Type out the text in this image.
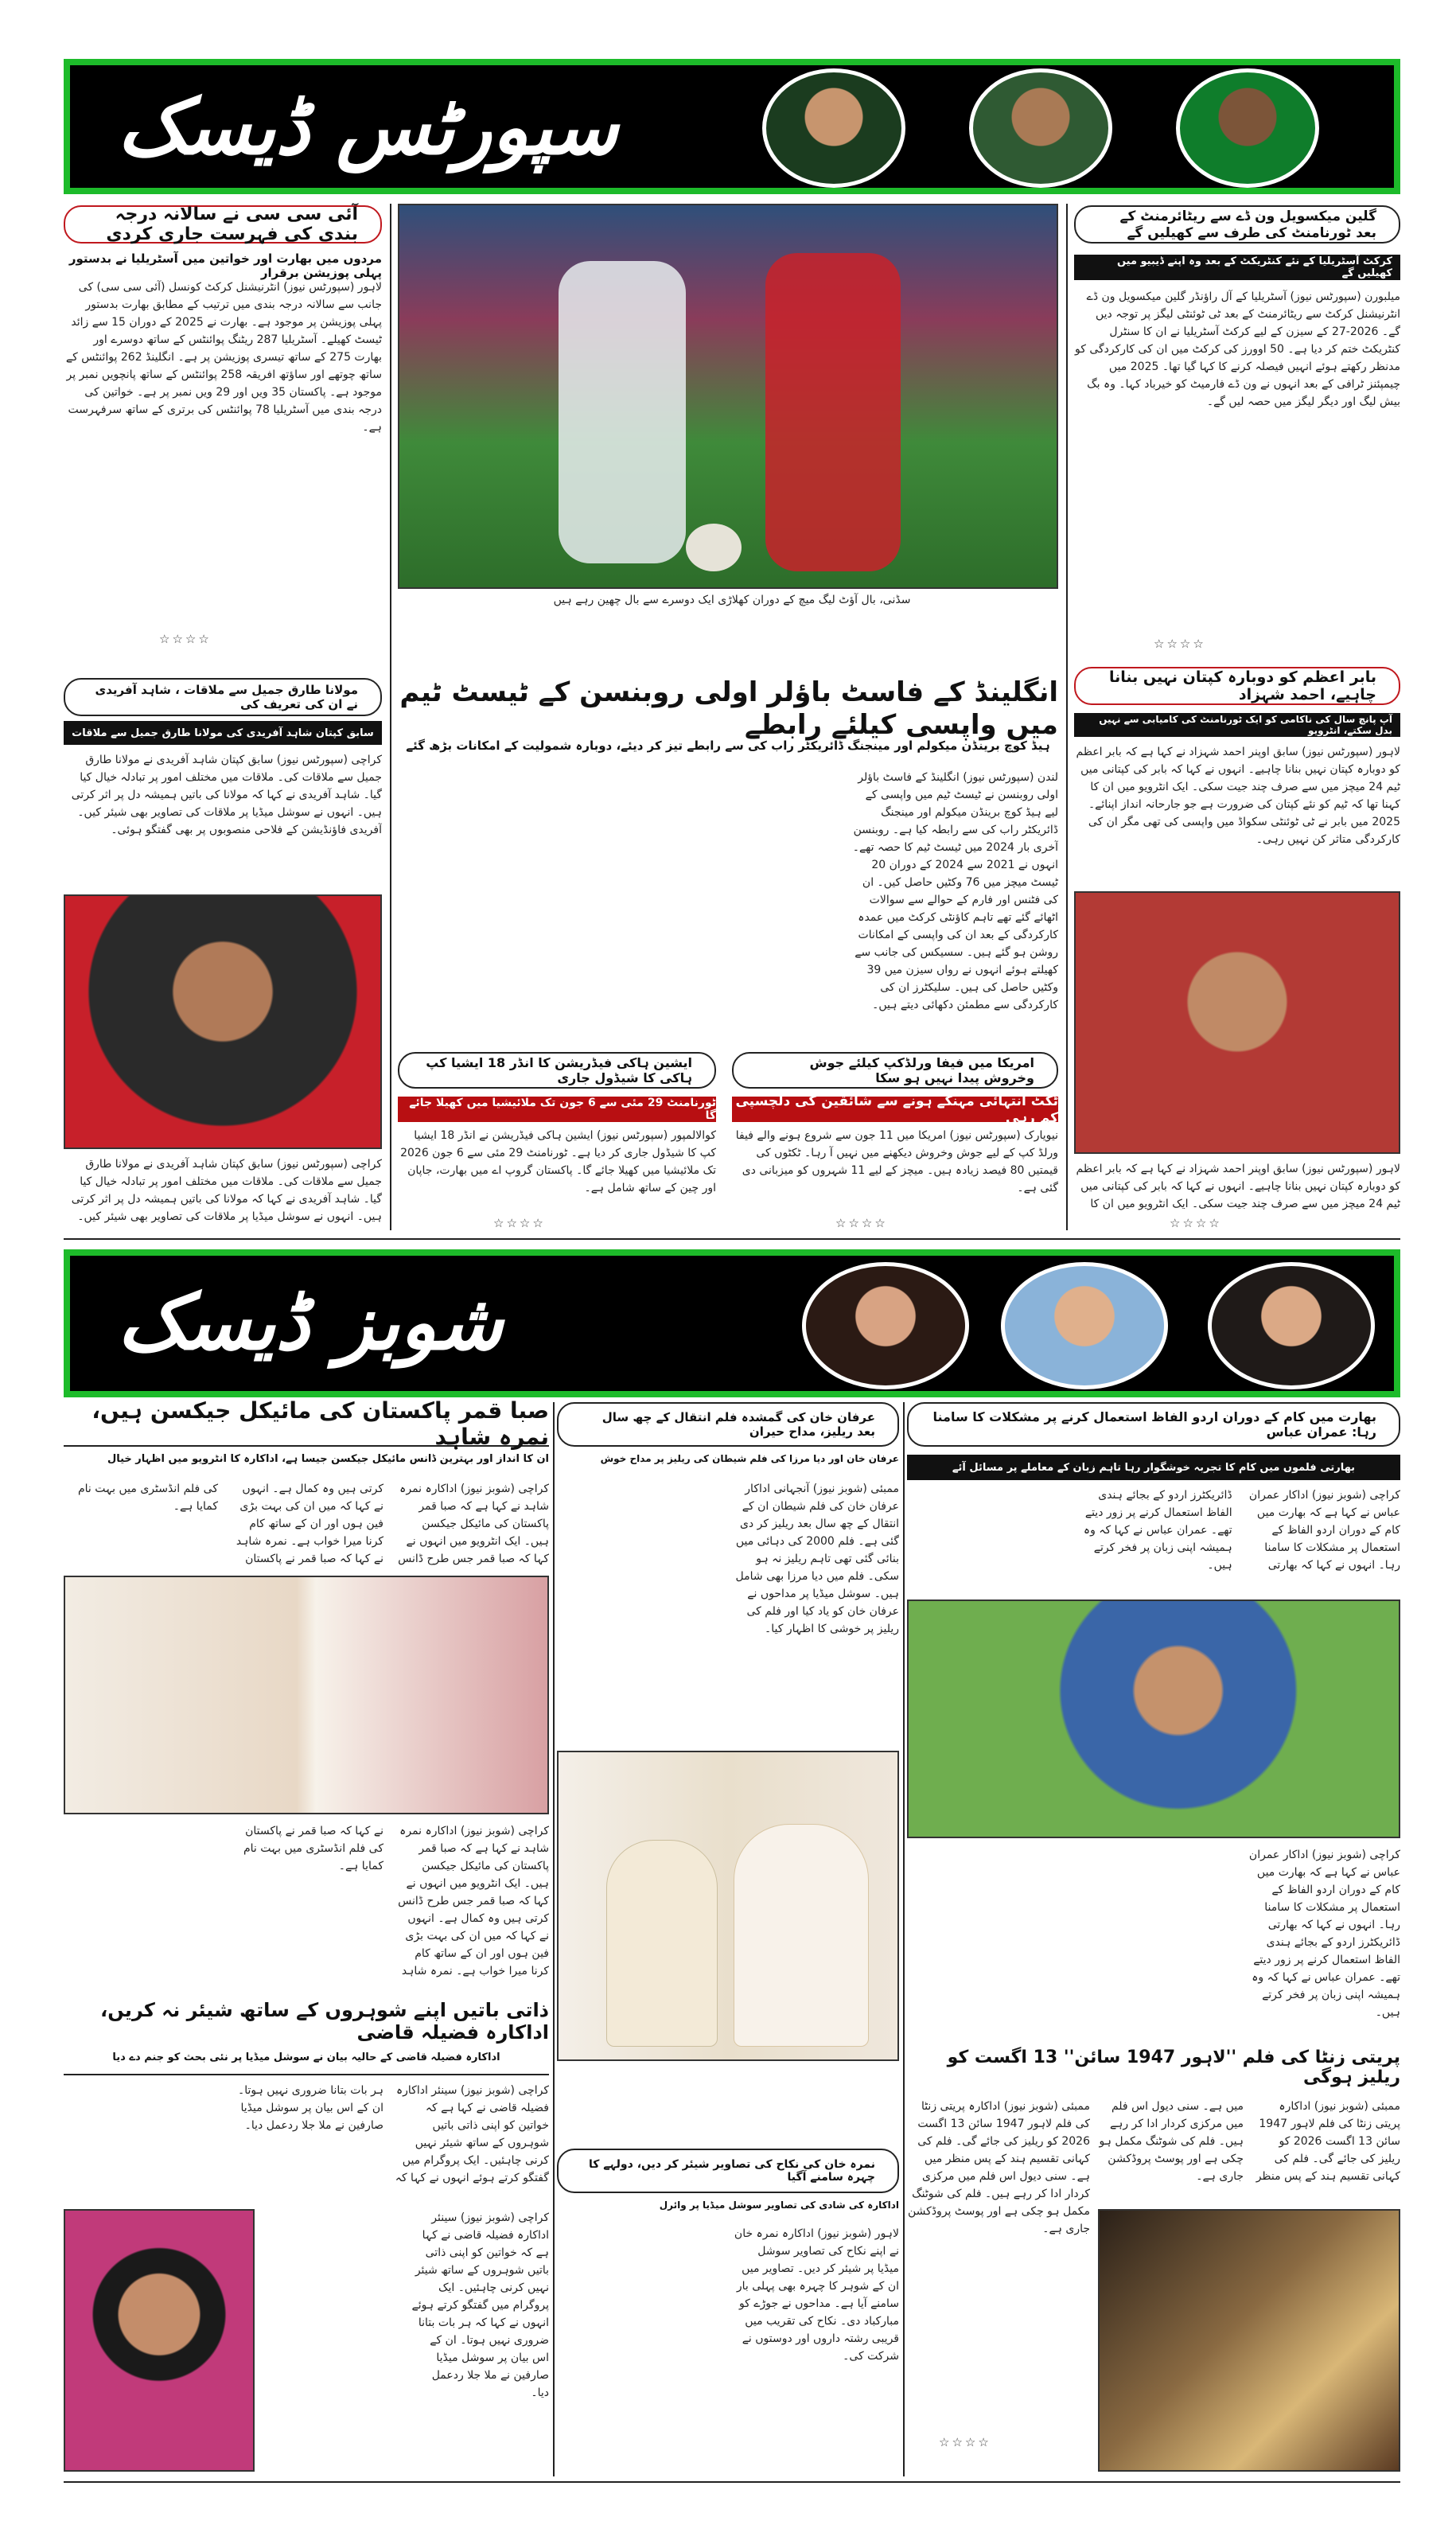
سپورٹس ڈیسک
آئی سی سی نے سالانہ درجہ بندی کی فہرست جاری کردی
مردوں میں بھارت اور خواتین میں آسٹریلیا نے بدستور پہلی پوزیشن برقرار
لاہور (سپورٹس نیوز) انٹرنیشنل کرکٹ کونسل (آئی سی سی) کی جانب سے سالانہ درجہ بندی میں ترتیب کے مطابق بھارت بدستور پہلی پوزیشن پر موجود ہے۔ بھارت نے 2025 کے دوران 15 سے زائد ٹیسٹ کھیلے۔ آسٹریلیا 287 ریٹنگ پوائنٹس کے ساتھ دوسرے اور بھارت 275 کے ساتھ تیسری پوزیشن پر ہے۔ انگلینڈ 262 پوائنٹس کے ساتھ چوتھے اور ساؤتھ افریقہ 258 پوائنٹس کے ساتھ پانچویں نمبر پر موجود ہے۔ پاکستان 35 ویں اور 29 ویں نمبر پر ہے۔ خواتین کی درجہ بندی میں آسٹریلیا 78 پوائنٹس کی برتری کے ساتھ سرفہرست ہے۔
☆☆☆☆
سڈنی، بال آؤٹ لیگ میچ کے دوران کھلاڑی ایک دوسرے سے بال چھین رہے ہیں
گلین میکسویل ون ڈے سے ریٹائرمنٹ کے بعد ٹورنامنٹ کی طرف سے کھیلیں گے
کرکٹ آسٹریلیا کے نئے کنٹریکٹ کے بعد وہ اپنے ڈیبیو میں کھیلیں گے
میلبورن (سپورٹس نیوز) آسٹریلیا کے آل راؤنڈر گلین میکسویل ون ڈے انٹرنیشنل کرکٹ سے ریٹائرمنٹ کے بعد ٹی ٹوئنٹی لیگز پر توجہ دیں گے۔ 2026-27 کے سیزن کے لیے کرکٹ آسٹریلیا نے ان کا سنٹرل کنٹریکٹ ختم کر دیا ہے۔ 50 اوورز کی کرکٹ میں ان کی کارکردگی کو مدنظر رکھتے ہوئے انہیں فیصلہ کرنے کا کہا گیا تھا۔ 2025 میں چیمپئنز ٹرافی کے بعد انہوں نے ون ڈے فارمیٹ کو خیرباد کہا۔ وہ بگ بیش لیگ اور دیگر لیگز میں حصہ لیں گے۔
☆☆☆☆
انگلینڈ کے فاسٹ باؤلر اولی روبنسن کے ٹیسٹ ٹیم میں واپسی کیلئے رابطے
ہیڈ کوچ برینڈن میکولم اور مینجنگ ڈائریکٹر راب کی سے رابطے تیز کر دیئے، دوبارہ شمولیت کے امکانات بڑھ گئے
لندن (سپورٹس نیوز) انگلینڈ کے فاسٹ باؤلر اولی روبنسن نے ٹیسٹ ٹیم میں واپسی کے لیے ہیڈ کوچ برینڈن میکولم اور مینجنگ ڈائریکٹر راب کی سے رابطہ کیا ہے۔ روبنسن آخری بار 2024 میں ٹیسٹ ٹیم کا حصہ تھے۔ انہوں نے 2021 سے 2024 کے دوران 20 ٹیسٹ میچز میں 76 وکٹیں حاصل کیں۔ ان کی فٹنس اور فارم کے حوالے سے سوالات اٹھائے گئے تھے تاہم کاؤنٹی کرکٹ میں عمدہ کارکردگی کے بعد ان کی واپسی کے امکانات روشن ہو گئے ہیں۔ سسیکس کی جانب سے کھیلتے ہوئے انہوں نے رواں سیزن میں 39 وکٹیں حاصل کی ہیں۔ سلیکٹرز ان کی کارکردگی سے مطمئن دکھائی دیتے ہیں۔
بابر اعظم کو دوبارہ کپتان نہیں بنانا چاہیے، احمد شہزاد
آپ پانچ سال کی ناکامی کو ایک ٹورنامنٹ کی کامیابی سے نہیں بدل سکتے، انٹرویو
لاہور (سپورٹس نیوز) سابق اوپنر احمد شہزاد نے کہا ہے کہ بابر اعظم کو دوبارہ کپتان نہیں بنانا چاہیے۔ انہوں نے کہا کہ بابر کی کپتانی میں ٹیم 24 میچز میں سے صرف چند جیت سکی۔ ایک انٹرویو میں ان کا کہنا تھا کہ ٹیم کو نئے کپتان کی ضرورت ہے جو جارحانہ انداز اپنائے۔ 2025 میں بابر نے ٹی ٹوئنٹی سکواڈ میں واپسی کی تھی مگر ان کی کارکردگی متاثر کن نہیں رہی۔
لاہور (سپورٹس نیوز) سابق اوپنر احمد شہزاد نے کہا ہے کہ بابر اعظم کو دوبارہ کپتان نہیں بنانا چاہیے۔ انہوں نے کہا کہ بابر کی کپتانی میں ٹیم 24 میچز میں سے صرف چند جیت سکی۔ ایک انٹرویو میں ان کا
☆☆☆☆
مولانا طارق جمیل سے ملاقات ، شاہد آفریدی نے ان کی تعریف کی
سابق کپتان شاہد آفریدی کی مولانا طارق جمیل سے ملاقات
کراچی (سپورٹس نیوز) سابق کپتان شاہد آفریدی نے مولانا طارق جمیل سے ملاقات کی۔ ملاقات میں مختلف امور پر تبادلہ خیال کیا گیا۔ شاہد آفریدی نے کہا کہ مولانا کی باتیں ہمیشہ دل پر اثر کرتی ہیں۔ انہوں نے سوشل میڈیا پر ملاقات کی تصاویر بھی شیئر کیں۔ آفریدی فاؤنڈیشن کے فلاحی منصوبوں پر بھی گفتگو ہوئی۔
کراچی (سپورٹس نیوز) سابق کپتان شاہد آفریدی نے مولانا طارق جمیل سے ملاقات کی۔ ملاقات میں مختلف امور پر تبادلہ خیال کیا گیا۔ شاہد آفریدی نے کہا کہ مولانا کی باتیں ہمیشہ دل پر اثر کرتی ہیں۔ انہوں نے سوشل میڈیا پر ملاقات کی تصاویر بھی شیئر کیں۔
امریکا میں فیفا ورلڈکپ کیلئے جوش وخروش پیدا نہیں ہو سکا
ٹکٹ انتہائی مہنگے ہونے سے شائقین کی دلچسپی کم رہی
نیویارک (سپورٹس نیوز) امریکا میں 11 جون سے شروع ہونے والے فیفا ورلڈ کپ کے لیے جوش وخروش دیکھنے میں نہیں آ رہا۔ ٹکٹوں کی قیمتیں 80 فیصد زیادہ ہیں۔ میچز کے لیے 11 شہروں کو میزبانی دی گئی ہے۔
☆☆☆☆
ایشین ہاکی فیڈریشن کا انڈر 18 ایشیا کپ ہاکی کا شیڈول جاری
ٹورنامنٹ 29 مئی سے 6 جون تک ملائیشیا میں کھیلا جائے گا
کوالالمپور (سپورٹس نیوز) ایشین ہاکی فیڈریشن نے انڈر 18 ایشیا کپ کا شیڈول جاری کر دیا ہے۔ ٹورنامنٹ 29 مئی سے 6 جون 2026 تک ملائیشیا میں کھیلا جائے گا۔ پاکستان گروپ اے میں بھارت، جاپان اور چین کے ساتھ شامل ہے۔
☆☆☆☆
شوبز ڈیسک
صبا قمر پاکستان کی مائیکل جیکسن ہیں، نمرہ شاہد
ان کا انداز اور بہترین ڈانس مائیکل جیکسن جیسا ہے، اداکارہ کا انٹرویو میں اظہار خیال
کراچی (شوبز نیوز) اداکارہ نمرہ شاہد نے کہا ہے کہ صبا قمر پاکستان کی مائیکل جیکسن ہیں۔ ایک انٹرویو میں انہوں نے کہا کہ صبا قمر جس طرح ڈانس کرتی ہیں وہ کمال ہے۔ انہوں نے کہا کہ میں ان کی بہت بڑی فین ہوں اور ان کے ساتھ کام کرنا میرا خواب ہے۔ نمرہ شاہد نے کہا کہ صبا قمر نے پاکستان کی فلم انڈسٹری میں بہت نام کمایا ہے۔
کراچی (شوبز نیوز) اداکارہ نمرہ شاہد نے کہا ہے کہ صبا قمر پاکستان کی مائیکل جیکسن ہیں۔ ایک انٹرویو میں انہوں نے کہا کہ صبا قمر جس طرح ڈانس کرتی ہیں وہ کمال ہے۔ انہوں نے کہا کہ میں ان کی بہت بڑی فین ہوں اور ان کے ساتھ کام کرنا میرا خواب ہے۔ نمرہ شاہد نے کہا کہ صبا قمر نے پاکستان کی فلم انڈسٹری میں بہت نام کمایا ہے۔
عرفان خان کی گمشدہ فلم انتقال کے چھ سال بعد ریلیز، مداح حیران
عرفان خان اور دیا مرزا کی فلم شیطان کی ریلیز پر مداح خوش
ممبئی (شوبز نیوز) آنجہانی اداکار عرفان خان کی فلم شیطان ان کے انتقال کے چھ سال بعد ریلیز کر دی گئی ہے۔ فلم 2000 کی دہائی میں بنائی گئی تھی تاہم ریلیز نہ ہو سکی۔ فلم میں دیا مرزا بھی شامل ہیں۔ سوشل میڈیا پر مداحوں نے عرفان خان کو یاد کیا اور فلم کی ریلیز پر خوشی کا اظہار کیا۔
بھارت میں کام کے دوران اردو الفاظ استعمال کرنے پر مشکلات کا سامنا رہا: عمران عباس
بھارتی فلموں میں کام کا تجربہ خوشگوار رہا تاہم زبان کے معاملے پر مسائل آئے
کراچی (شوبز نیوز) اداکار عمران عباس نے کہا ہے کہ بھارت میں کام کے دوران اردو الفاظ کے استعمال پر مشکلات کا سامنا رہا۔ انہوں نے کہا کہ بھارتی ڈائریکٹرز اردو کے بجائے ہندی الفاظ استعمال کرنے پر زور دیتے تھے۔ عمران عباس نے کہا کہ وہ ہمیشہ اپنی زبان پر فخر کرتے ہیں۔
کراچی (شوبز نیوز) اداکار عمران عباس نے کہا ہے کہ بھارت میں کام کے دوران اردو الفاظ کے استعمال پر مشکلات کا سامنا رہا۔ انہوں نے کہا کہ بھارتی ڈائریکٹرز اردو کے بجائے ہندی الفاظ استعمال کرنے پر زور دیتے تھے۔ عمران عباس نے کہا کہ وہ ہمیشہ اپنی زبان پر فخر کرتے ہیں۔
ذاتی باتیں اپنے شوہروں کے ساتھ شیئر نہ کریں، اداکارہ فضیلہ قاضی
اداکارہ فضیلہ قاضی کے حالیہ بیان نے سوشل میڈیا پر نئی بحث کو جنم دے دیا
کراچی (شوبز نیوز) سینئر اداکارہ فضیلہ قاضی نے کہا ہے کہ خواتین کو اپنی ذاتی باتیں شوہروں کے ساتھ شیئر نہیں کرنی چاہئیں۔ ایک پروگرام میں گفتگو کرتے ہوئے انہوں نے کہا کہ ہر بات بتانا ضروری نہیں ہوتا۔ ان کے اس بیان پر سوشل میڈیا صارفین نے ملا جلا ردعمل دیا۔
کراچی (شوبز نیوز) سینئر اداکارہ فضیلہ قاضی نے کہا ہے کہ خواتین کو اپنی ذاتی باتیں شوہروں کے ساتھ شیئر نہیں کرنی چاہئیں۔ ایک پروگرام میں گفتگو کرتے ہوئے انہوں نے کہا کہ ہر بات بتانا ضروری نہیں ہوتا۔ ان کے اس بیان پر سوشل میڈیا صارفین نے ملا جلا ردعمل دیا۔
نمرہ خان کی نکاح کی تصاویر شیئر کر دیں، دولہے کا چہرہ سامنے آگیا
اداکارہ کی شادی کی تصاویر سوشل میڈیا پر وائرل
لاہور (شوبز نیوز) اداکارہ نمرہ خان نے اپنے نکاح کی تصاویر سوشل میڈیا پر شیئر کر دیں۔ تصاویر میں ان کے شوہر کا چہرہ بھی پہلی بار سامنے آیا ہے۔ مداحوں نے جوڑے کو مبارکباد دی۔ نکاح کی تقریب میں قریبی رشتہ داروں اور دوستوں نے شرکت کی۔
پریتی زنٹا کی فلم ''لاہور 1947 سائن'' 13 اگست کو ریلیز ہوگی
ممبئی (شوبز نیوز) اداکارہ پریتی زنٹا کی فلم لاہور 1947 سائن 13 اگست 2026 کو ریلیز کی جائے گی۔ فلم کی کہانی تقسیم ہند کے پس منظر میں ہے۔ سنی دیول اس فلم میں مرکزی کردار ادا کر رہے ہیں۔ فلم کی شوٹنگ مکمل ہو چکی ہے اور پوسٹ پروڈکشن جاری ہے۔
ممبئی (شوبز نیوز) اداکارہ پریتی زنٹا کی فلم لاہور 1947 سائن 13 اگست 2026 کو ریلیز کی جائے گی۔ فلم کی کہانی تقسیم ہند کے پس منظر میں ہے۔ سنی دیول اس فلم میں مرکزی کردار ادا کر رہے ہیں۔ فلم کی شوٹنگ مکمل ہو چکی ہے اور پوسٹ پروڈکشن جاری ہے۔
☆☆☆☆
